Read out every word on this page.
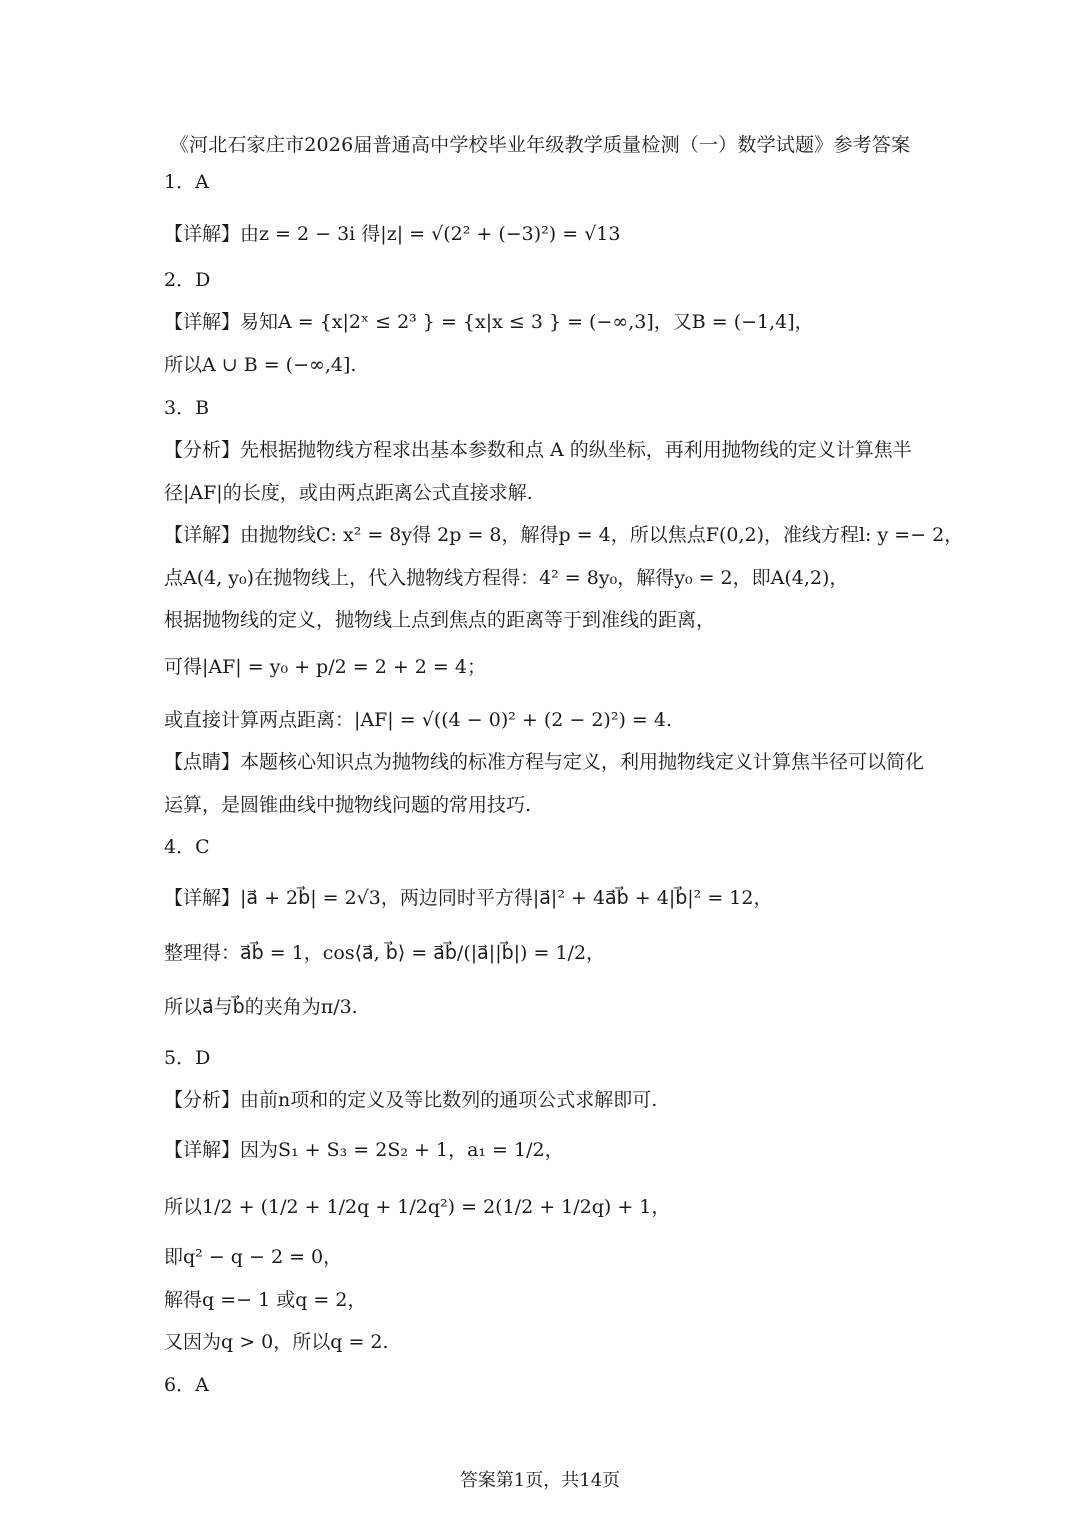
《河北石家庄市2026届普通高中学校毕业年级教学质量检测（一）数学试题》参考答案
1．A
【详解】由z = 2 − 3i 得|z| = √(2² + (−3)²) = √13
2．D
【详解】易知A = {x|2ˣ ≤ 2³ } = {x|x ≤ 3 } = (−∞,3]，又B = (−1,4]，
所以A ∪ B = (−∞,4].
3．B
【分析】先根据抛物线方程求出基本参数和点 A 的纵坐标，再利用抛物线的定义计算焦半
径|AF|的长度，或由两点距离公式直接求解.
【详解】由抛物线C: x² = 8y得 2p = 8，解得p = 4，所以焦点F(0,2)，准线方程l: y =− 2，
点A(4, y₀)在抛物线上，代入抛物线方程得：4² = 8y₀，解得y₀ = 2，即A(4,2)，
根据抛物线的定义，抛物线上点到焦点的距离等于到准线的距离，
可得|AF| = y₀ + p/2 = 2 + 2 = 4；
或直接计算两点距离：|AF| = √((4 − 0)² + (2 − 2)²) = 4.
【点睛】本题核心知识点为抛物线的标准方程与定义，利用抛物线定义计算焦半径可以简化
运算，是圆锥曲线中抛物线问题的常用技巧.
4．C
【详解】|a⃗ + 2b⃗| = 2√3，两边同时平方得|a⃗|² + 4a⃗b⃗ + 4|b⃗|² = 12，
整理得：a⃗b⃗ = 1，cos⟨a⃗, b⃗⟩ = a⃗b⃗/(|a⃗||b⃗|) = 1/2，
所以a⃗与b⃗的夹角为π/3.
5．D
【分析】由前n项和的定义及等比数列的通项公式求解即可.
【详解】因为S₁ + S₃ = 2S₂ + 1，a₁ = 1/2，
所以1/2 + (1/2 + 1/2q + 1/2q²) = 2(1/2 + 1/2q) + 1，
即q² − q − 2 = 0，
解得q =− 1 或q = 2，
又因为q > 0，所以q = 2.
6．A
答案第1页，共14页
